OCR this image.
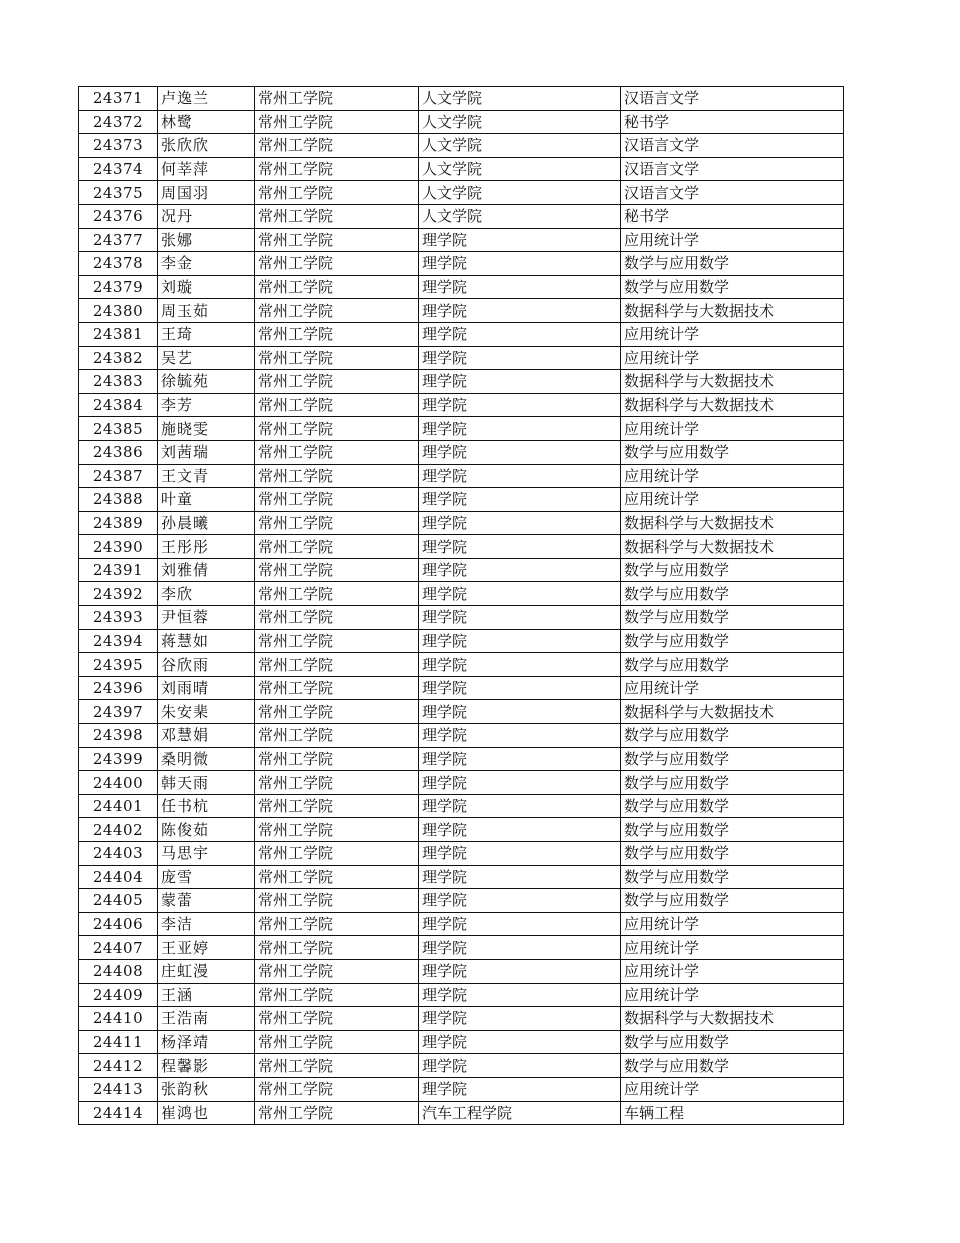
24371	卢逸兰	常州工学院	人文学院	汉语言文学
24372	林鹭	常州工学院	人文学院	秘书学
24373	张欣欣	常州工学院	人文学院	汉语言文学
24374	何莘萍	常州工学院	人文学院	汉语言文学
24375	周国羽	常州工学院	人文学院	汉语言文学
24376	况丹	常州工学院	人文学院	秘书学
24377	张娜	常州工学院	理学院	应用统计学
24378	李金	常州工学院	理学院	数学与应用数学
24379	刘璇	常州工学院	理学院	数学与应用数学
24380	周玉茹	常州工学院	理学院	数据科学与大数据技术
24381	王琦	常州工学院	理学院	应用统计学
24382	吴艺	常州工学院	理学院	应用统计学
24383	徐毓苑	常州工学院	理学院	数据科学与大数据技术
24384	李芳	常州工学院	理学院	数据科学与大数据技术
24385	施晓雯	常州工学院	理学院	应用统计学
24386	刘茜瑞	常州工学院	理学院	数学与应用数学
24387	王文青	常州工学院	理学院	应用统计学
24388	叶童	常州工学院	理学院	应用统计学
24389	孙晨曦	常州工学院	理学院	数据科学与大数据技术
24390	王彤彤	常州工学院	理学院	数据科学与大数据技术
24391	刘雅倩	常州工学院	理学院	数学与应用数学
24392	李欣	常州工学院	理学院	数学与应用数学
24393	尹恒蓉	常州工学院	理学院	数学与应用数学
24394	蒋慧如	常州工学院	理学院	数学与应用数学
24395	谷欣雨	常州工学院	理学院	数学与应用数学
24396	刘雨晴	常州工学院	理学院	应用统计学
24397	朱安棐	常州工学院	理学院	数据科学与大数据技术
24398	邓慧娟	常州工学院	理学院	数学与应用数学
24399	桑明微	常州工学院	理学院	数学与应用数学
24400	韩天雨	常州工学院	理学院	数学与应用数学
24401	任书杭	常州工学院	理学院	数学与应用数学
24402	陈俊茹	常州工学院	理学院	数学与应用数学
24403	马思宇	常州工学院	理学院	数学与应用数学
24404	庞雪	常州工学院	理学院	数学与应用数学
24405	蒙蕾	常州工学院	理学院	数学与应用数学
24406	李洁	常州工学院	理学院	应用统计学
24407	王亚婷	常州工学院	理学院	应用统计学
24408	庄虹漫	常州工学院	理学院	应用统计学
24409	王涵	常州工学院	理学院	应用统计学
24410	王浩南	常州工学院	理学院	数据科学与大数据技术
24411	杨泽靖	常州工学院	理学院	数学与应用数学
24412	程馨影	常州工学院	理学院	数学与应用数学
24413	张韵秋	常州工学院	理学院	应用统计学
24414	崔鸿也	常州工学院	汽车工程学院	车辆工程
